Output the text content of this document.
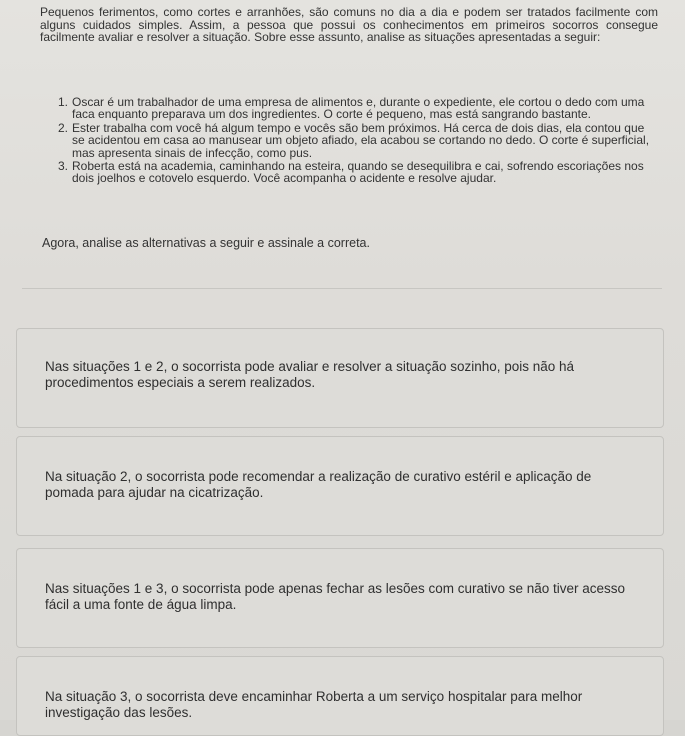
Pequenos ferimentos, como cortes e arranhões, são comuns no dia a dia e podem ser tratados facilmente com alguns cuidados simples. Assim, a pessoa que possui os conhecimentos em primeiros socorros consegue facilmente avaliar e resolver a situação. Sobre esse assunto, analise as situações apresentadas a seguir:

1. Oscar é um trabalhador de uma empresa de alimentos e, durante o expediente, ele cortou o dedo com uma faca enquanto preparava um dos ingredientes. O corte é pequeno, mas está sangrando bastante.
2. Ester trabalha com você há algum tempo e vocês são bem próximos. Há cerca de dois dias, ela contou que se acidentou em casa ao manusear um objeto afiado, ela acabou se cortando no dedo. O corte é superficial, mas apresenta sinais de infecção, como pus.
3. Roberta está na academia, caminhando na esteira, quando se desequilibra e cai, sofrendo escoriações nos dois joelhos e cotovelo esquerdo. Você acompanha o acidente e resolve ajudar.

Agora, analise as alternativas a seguir e assinale a correta.

Nas situações 1 e 2, o socorrista pode avaliar e resolver a situação sozinho, pois não há procedimentos especiais a serem realizados.
Na situação 2, o socorrista pode recomendar a realização de curativo estéril e aplicação de pomada para ajudar na cicatrização.
Nas situações 1 e 3, o socorrista pode apenas fechar as lesões com curativo se não tiver acesso fácil a uma fonte de água limpa.
Na situação 3, o socorrista deve encaminhar Roberta a um serviço hospitalar para melhor investigação das lesões.
